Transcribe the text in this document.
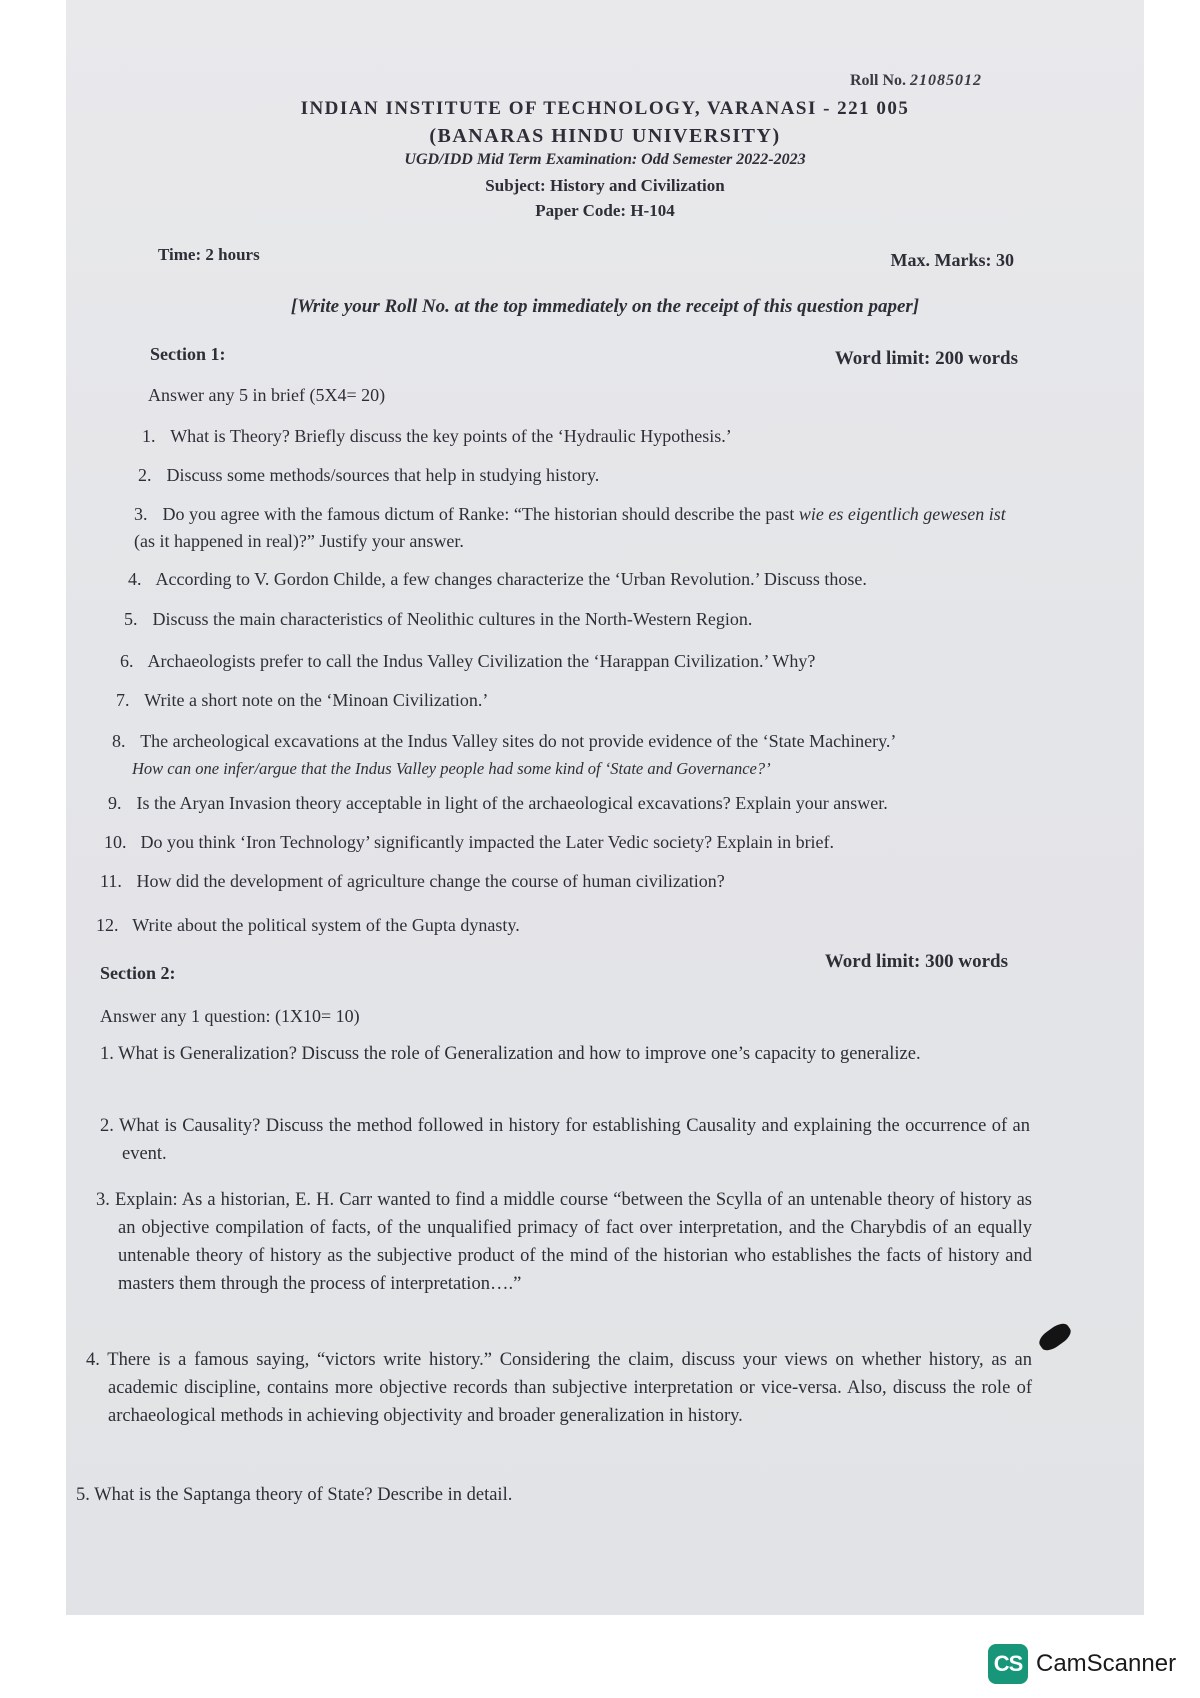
Roll No. 21085012

INDIAN INSTITUTE OF TECHNOLOGY, VARANASI - 221 005

(BANARAS HINDU UNIVERSITY)

UGD/IDD Mid Term Examination: Odd Semester 2022-2023

Subject: History and Civilization

Paper Code: H-104

Time: 2 hours	Max. Marks: 30
[Write your Roll No. at the top immediately on the receipt of this question paper]
Section 1:	Word limit: 200 words
Answer any 5 in brief (5X4= 20)
1. What is Theory? Briefly discuss the key points of the ‘Hydraulic Hypothesis.’
2. Discuss some methods/sources that help in studying history.
3. Do you agree with the famous dictum of Ranke: “The historian should describe the past wie es eigentlich gewesen ist (as it happened in real)?” Justify your answer.
4. According to V. Gordon Childe, a few changes characterize the ‘Urban Revolution.’ Discuss those.
5. Discuss the main characteristics of Neolithic cultures in the North-Western Region.
6. Archaeologists prefer to call the Indus Valley Civilization the ‘Harappan Civilization.’ Why?
7. Write a short note on the ‘Minoan Civilization.’
8. The archeological excavations at the Indus Valley sites do not provide evidence of the ‘State Machinery.’
How can one infer/argue that the Indus Valley people had some kind of ‘State and Governance?’
9. Is the Aryan Invasion theory acceptable in light of the archaeological excavations? Explain your answer.
10. Do you think ‘Iron Technology’ significantly impacted the Later Vedic society? Explain in brief.
11. How did the development of agriculture change the course of human civilization?
12. Write about the political system of the Gupta dynasty.
Section 2:
Word limit: 300 words
Answer any 1 question: (1X10= 10)
1. What is Generalization? Discuss the role of Generalization and how to improve one’s capacity to generalize.
2. What is Causality? Discuss the method followed in history for establishing Causality and explaining the occurrence of an event.
3. Explain: As a historian, E. H. Carr wanted to find a middle course “between the Scylla of an untenable theory of history as an objective compilation of facts, of the unqualified primacy of fact over interpretation, and the Charybdis of an equally untenable theory of history as the subjective product of the mind of the historian who establishes the facts of history and masters them through the process of interpretation….”
4. There is a famous saying, “victors write history.” Considering the claim, discuss your views on whether history, as an academic discipline, contains more objective records than subjective interpretation or vice-versa. Also, discuss the role of archaeological methods in achieving objectivity and broader generalization in history.
5. What is the Saptanga theory of State? Describe in detail.
CS CamScanner
